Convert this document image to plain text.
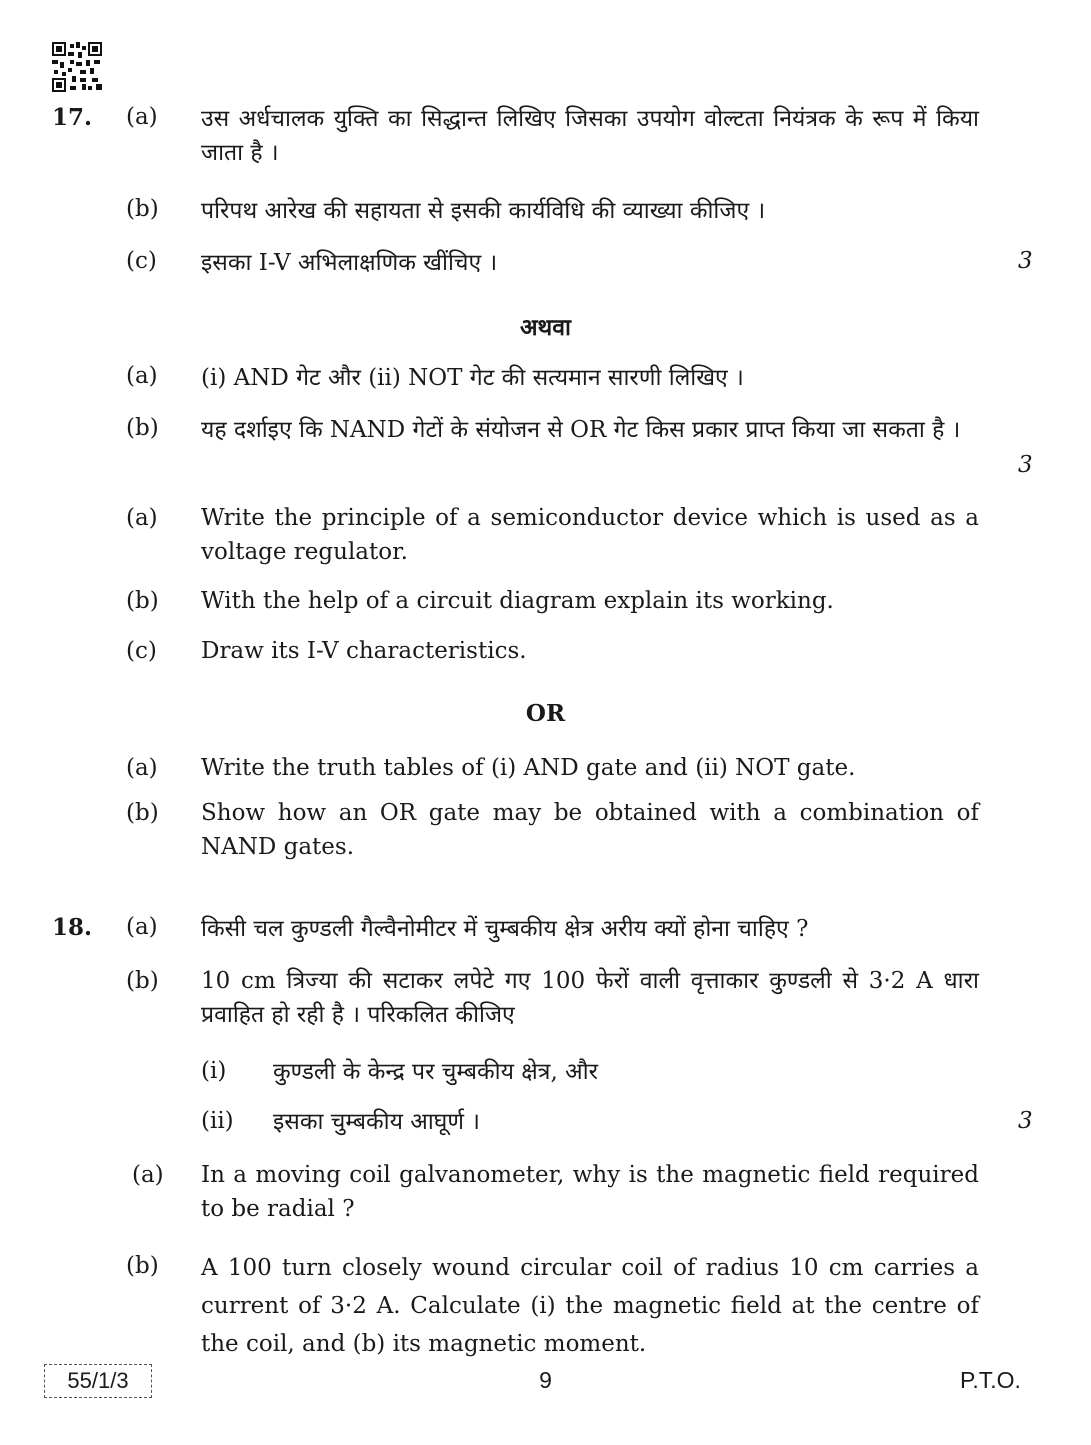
17. (a) उस अर्धचालक युक्ति का सिद्धान्त लिखिए जिसका उपयोग वोल्टता नियंत्रक के रूप में किया जाता है ।
(b) परिपथ आरेख की सहायता से इसकी कार्यविधि की व्याख्या कीजिए ।
(c) इसका I-V अभिलाक्षणिक खींचिए ।	3
अथवा
(a) (i) AND गेट और (ii) NOT गेट की सत्यमान सारणी लिखिए ।
(b) यह दर्शाइए कि NAND गेटों के संयोजन से OR गेट किस प्रकार प्राप्त किया जा सकता है ।
3
(a) Write the principle of a semiconductor device which is used as a voltage regulator.
(b) With the help of a circuit diagram explain its working.
(c) Draw its I-V characteristics.
OR
(a) Write the truth tables of (i) AND gate and (ii) NOT gate.
(b) Show how an OR gate may be obtained with a combination of NAND gates.
18. (a) किसी चल कुण्डली गैल्वैनोमीटर में चुम्बकीय क्षेत्र अरीय क्यों होना चाहिए ?
(b) 10 cm त्रिज्या की सटाकर लपेटे गए 100 फेरों वाली वृत्ताकार कुण्डली से 3·2 A धारा प्रवाहित हो रही है । परिकलित कीजिए
(i) कुण्डली के केन्द्र पर चुम्बकीय क्षेत्र, और
(ii) इसका चुम्बकीय आघूर्ण ।	3
(a) In a moving coil galvanometer, why is the magnetic field required to be radial ?
(b) A 100 turn closely wound circular coil of radius 10 cm carries a current of 3·2 A. Calculate (i) the magnetic field at the centre of the coil, and (b) its magnetic moment.
55/1/3	9	P.T.O.
